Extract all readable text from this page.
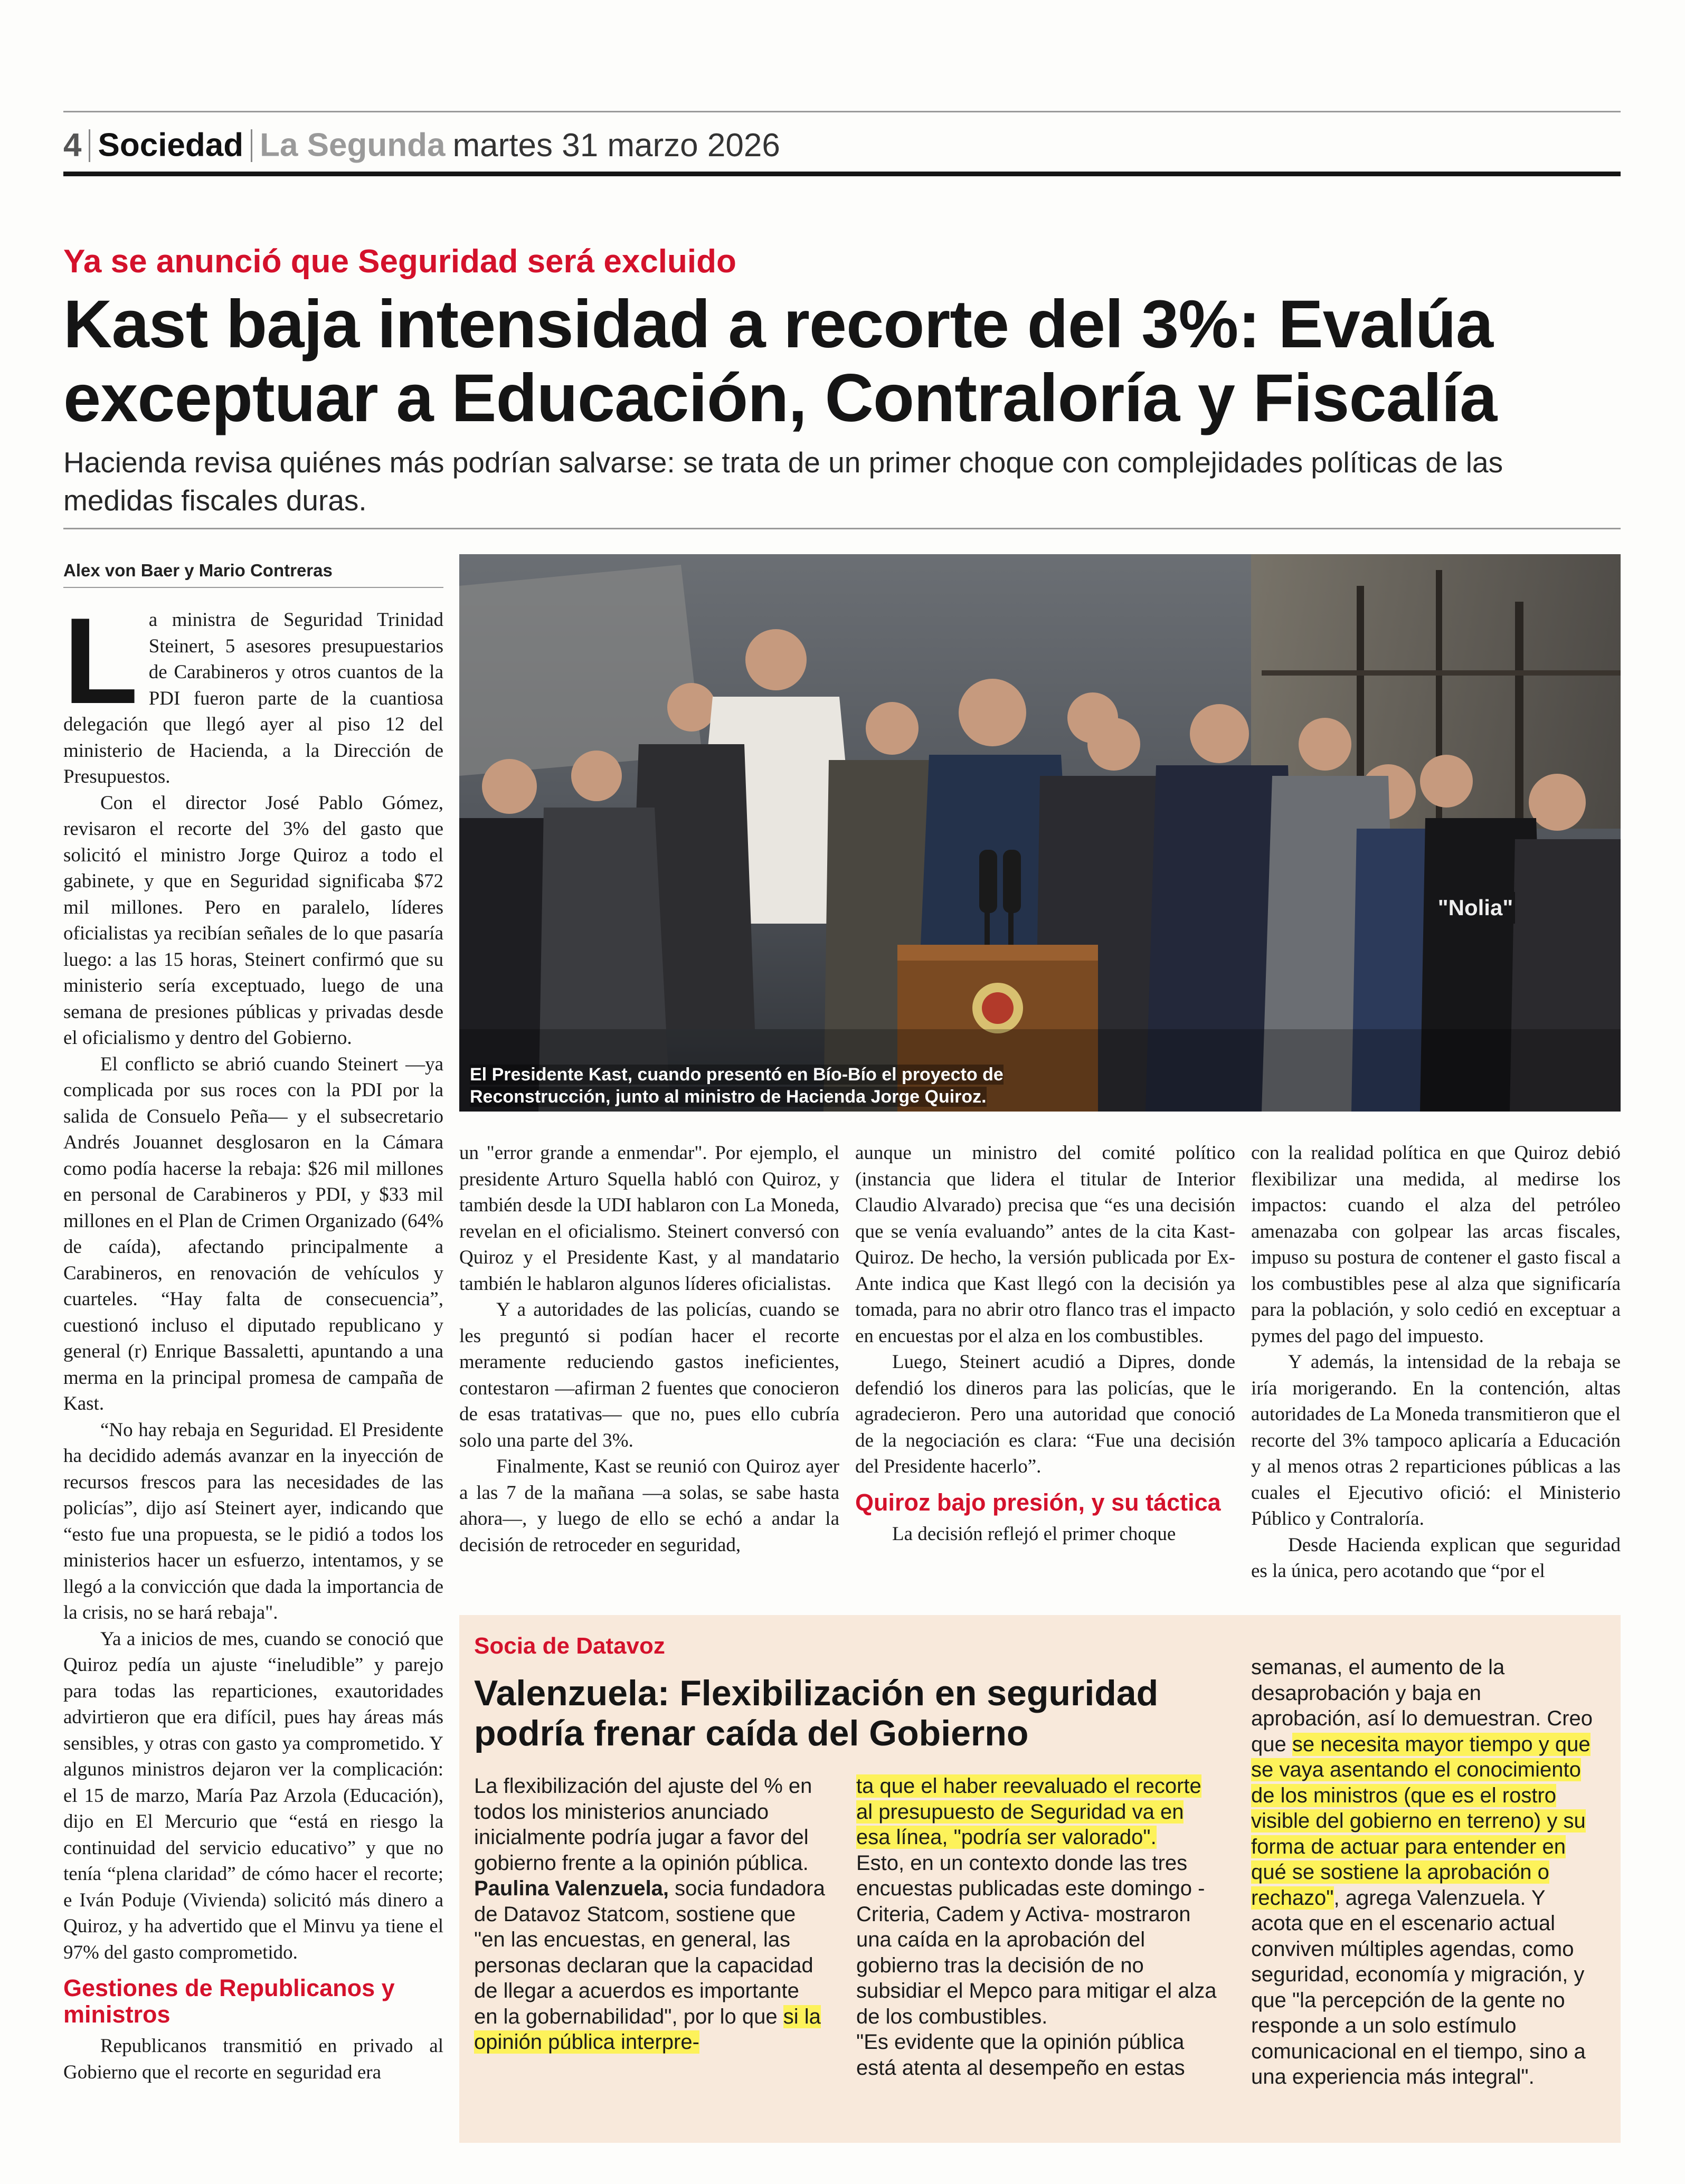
4 Sociedad La Segunda martes 31 marzo 2026
Ya se anunció que Seguridad será excluido
Kast baja intensidad a recorte del 3%: Evalúa exceptuar a Educación, Contraloría y Fiscalía

Hacienda revisa quiénes más podrían salvarse: se trata de un primer choque con complejidades políticas de las medidas fiscales duras.

Alex von Baer y Mario Contreras

La ministra de Seguridad Trinidad Steinert, 5 asesores presupuestarios de Carabineros y otros cuantos de la PDI fueron parte de la cuantiosa delegación que llegó ayer al piso 12 del ministerio de Hacienda, a la Dirección de Presupuestos.

Con el director José Pablo Gómez, revisaron el recorte del 3% del gasto que solicitó el ministro Jorge Quiroz a todo el gabinete, y que en Seguridad significaba $72 mil millones. Pero en paralelo, líderes oficialistas ya recibían señales de lo que pasaría luego: a las 15 horas, Steinert confirmó que su ministerio sería exceptuado, luego de una semana de presiones públicas y privadas desde el oficialismo y dentro del Gobierno.

El conflicto se abrió cuando Steinert —ya complicada por sus roces con la PDI por la salida de Consuelo Peña— y el subsecretario Andrés Jouannet desglosaron en la Cámara como podía hacerse la rebaja: $26 mil millones en personal de Carabineros y PDI, y $33 mil millones en el Plan de Crimen Organizado (64% de caída), afectando principalmente a Carabineros, en renovación de vehículos y cuarteles. “Hay falta de consecuencia”, cuestionó incluso el diputado republicano y general (r) Enrique Bassaletti, apuntando a una merma en la principal promesa de campaña de Kast.

“No hay rebaja en Seguridad. El Presidente ha decidido además avanzar en la inyección de recursos frescos para las necesidades de las policías”, dijo así Steinert ayer, indicando que “esto fue una propuesta, se le pidió a todos los ministerios hacer un esfuerzo, intentamos, y se llegó a la convicción que dada la importancia de la crisis, no se hará rebaja".

Ya a inicios de mes, cuando se conoció que Quiroz pedía un ajuste “ineludible” y parejo para todas las reparticiones, exautoridades advirtieron que era difícil, pues hay áreas más sensibles, y otras con gasto ya comprometido. Y algunos ministros dejaron ver la complicación: el 15 de marzo, María Paz Arzola (Educación), dijo en El Mercurio que “está en riesgo la continuidad del servicio educativo” y que no tenía “plena claridad” de cómo hacer el recorte; e Iván Poduje (Vivienda) solicitó más dinero a Quiroz, y ha advertido que el Minvu ya tiene el 97% del gasto comprometido.

Gestiones de Republicanos y ministros

Republicanos transmitió en privado al Gobierno que el recorte en seguridad era

"Nolia"
El Presidente Kast, cuando presentó en Bío-Bío el proyecto de Reconstrucción, junto al ministro de Hacienda Jorge Quiroz.

un "error grande a enmendar". Por ejemplo, el presidente Arturo Squella habló con Quiroz, y también desde la UDI hablaron con La Moneda, revelan en el oficialismo. Steinert conversó con Quiroz y el Presidente Kast, y al mandatario también le hablaron algunos líderes oficialistas.

Y a autoridades de las policías, cuando se les preguntó si podían hacer el recorte meramente reduciendo gastos ineficientes, contestaron —afirman 2 fuentes que conocieron de esas tratativas— que no, pues ello cubría solo una parte del 3%.

Finalmente, Kast se reunió con Quiroz ayer a las 7 de la mañana —a solas, se sabe hasta ahora—, y luego de ello se echó a andar la decisión de retroceder en seguridad,

aunque un ministro del comité político (instancia que lidera el titular de Interior Claudio Alvarado) precisa que “es una decisión que se venía evaluando” antes de la cita Kast-Quiroz. De hecho, la versión publicada por Ex-Ante indica que Kast llegó con la decisión ya tomada, para no abrir otro flanco tras el impacto en encuestas por el alza en los combustibles.

Luego, Steinert acudió a Dipres, donde defendió los dineros para las policías, que le agradecieron. Pero una autoridad que conoció de la negociación es clara: “Fue una decisión del Presidente hacerlo”.

Quiroz bajo presión, y su táctica

La decisión reflejó el primer choque

con la realidad política en que Quiroz debió flexibilizar una medida, al medirse los impactos: cuando el alza del petróleo amenazaba con golpear las arcas fiscales, impuso su postura de contener el gasto fiscal a los combustibles pese al alza que significaría para la población, y solo cedió en exceptuar a pymes del pago del impuesto.

Y además, la intensidad de la rebaja se iría morigerando. En la contención, altas autoridades de La Moneda transmitieron que el recorte del 3% tampoco aplicaría a Educación y al menos otras 2 reparticiones públicas a las cuales el Ejecutivo ofició: el Ministerio Público y Contraloría.

Desde Hacienda explican que seguridad es la única, pero acotando que “por el

Socia de Datavoz
Valenzuela: Flexibilización en seguridad podría frenar caída del Gobierno

La flexibilización del ajuste del % en todos los ministerios anunciado inicialmente podría jugar a favor del gobierno frente a la opinión pública.

Paulina Valenzuela, socia fundadora de Datavoz Statcom, sostiene que "en las encuestas, en general, las personas declaran que la capacidad de llegar a acuerdos es importante en la gobernabilidad", por lo que si la opinión pública interpre-

ta que el haber reevaluado el recorte al presupuesto de Seguridad va en esa línea, "podría ser valorado".

Esto, en un contexto donde las tres encuestas publicadas este domingo -Criteria, Cadem y Activa- mostraron una caída en la aprobación del gobierno tras la decisión de no subsidiar el Mepco para mitigar el alza de los combustibles.

"Es evidente que la opinión pública está atenta al desempeño en estas

semanas, el aumento de la desaprobación y baja en aprobación, así lo demuestran. Creo que se necesita mayor tiempo y que se vaya asentando el conocimiento de los ministros (que es el rostro visible del gobierno en terreno) y su forma de actuar para entender en qué se sostiene la aprobación o rechazo", agrega Valenzuela. Y acota que en el escenario actual conviven múltiples agendas, como seguridad, economía y migración, y que "la percepción de la gente no responde a un solo estímulo comunicacional en el tiempo, sino a una experiencia más integral".
